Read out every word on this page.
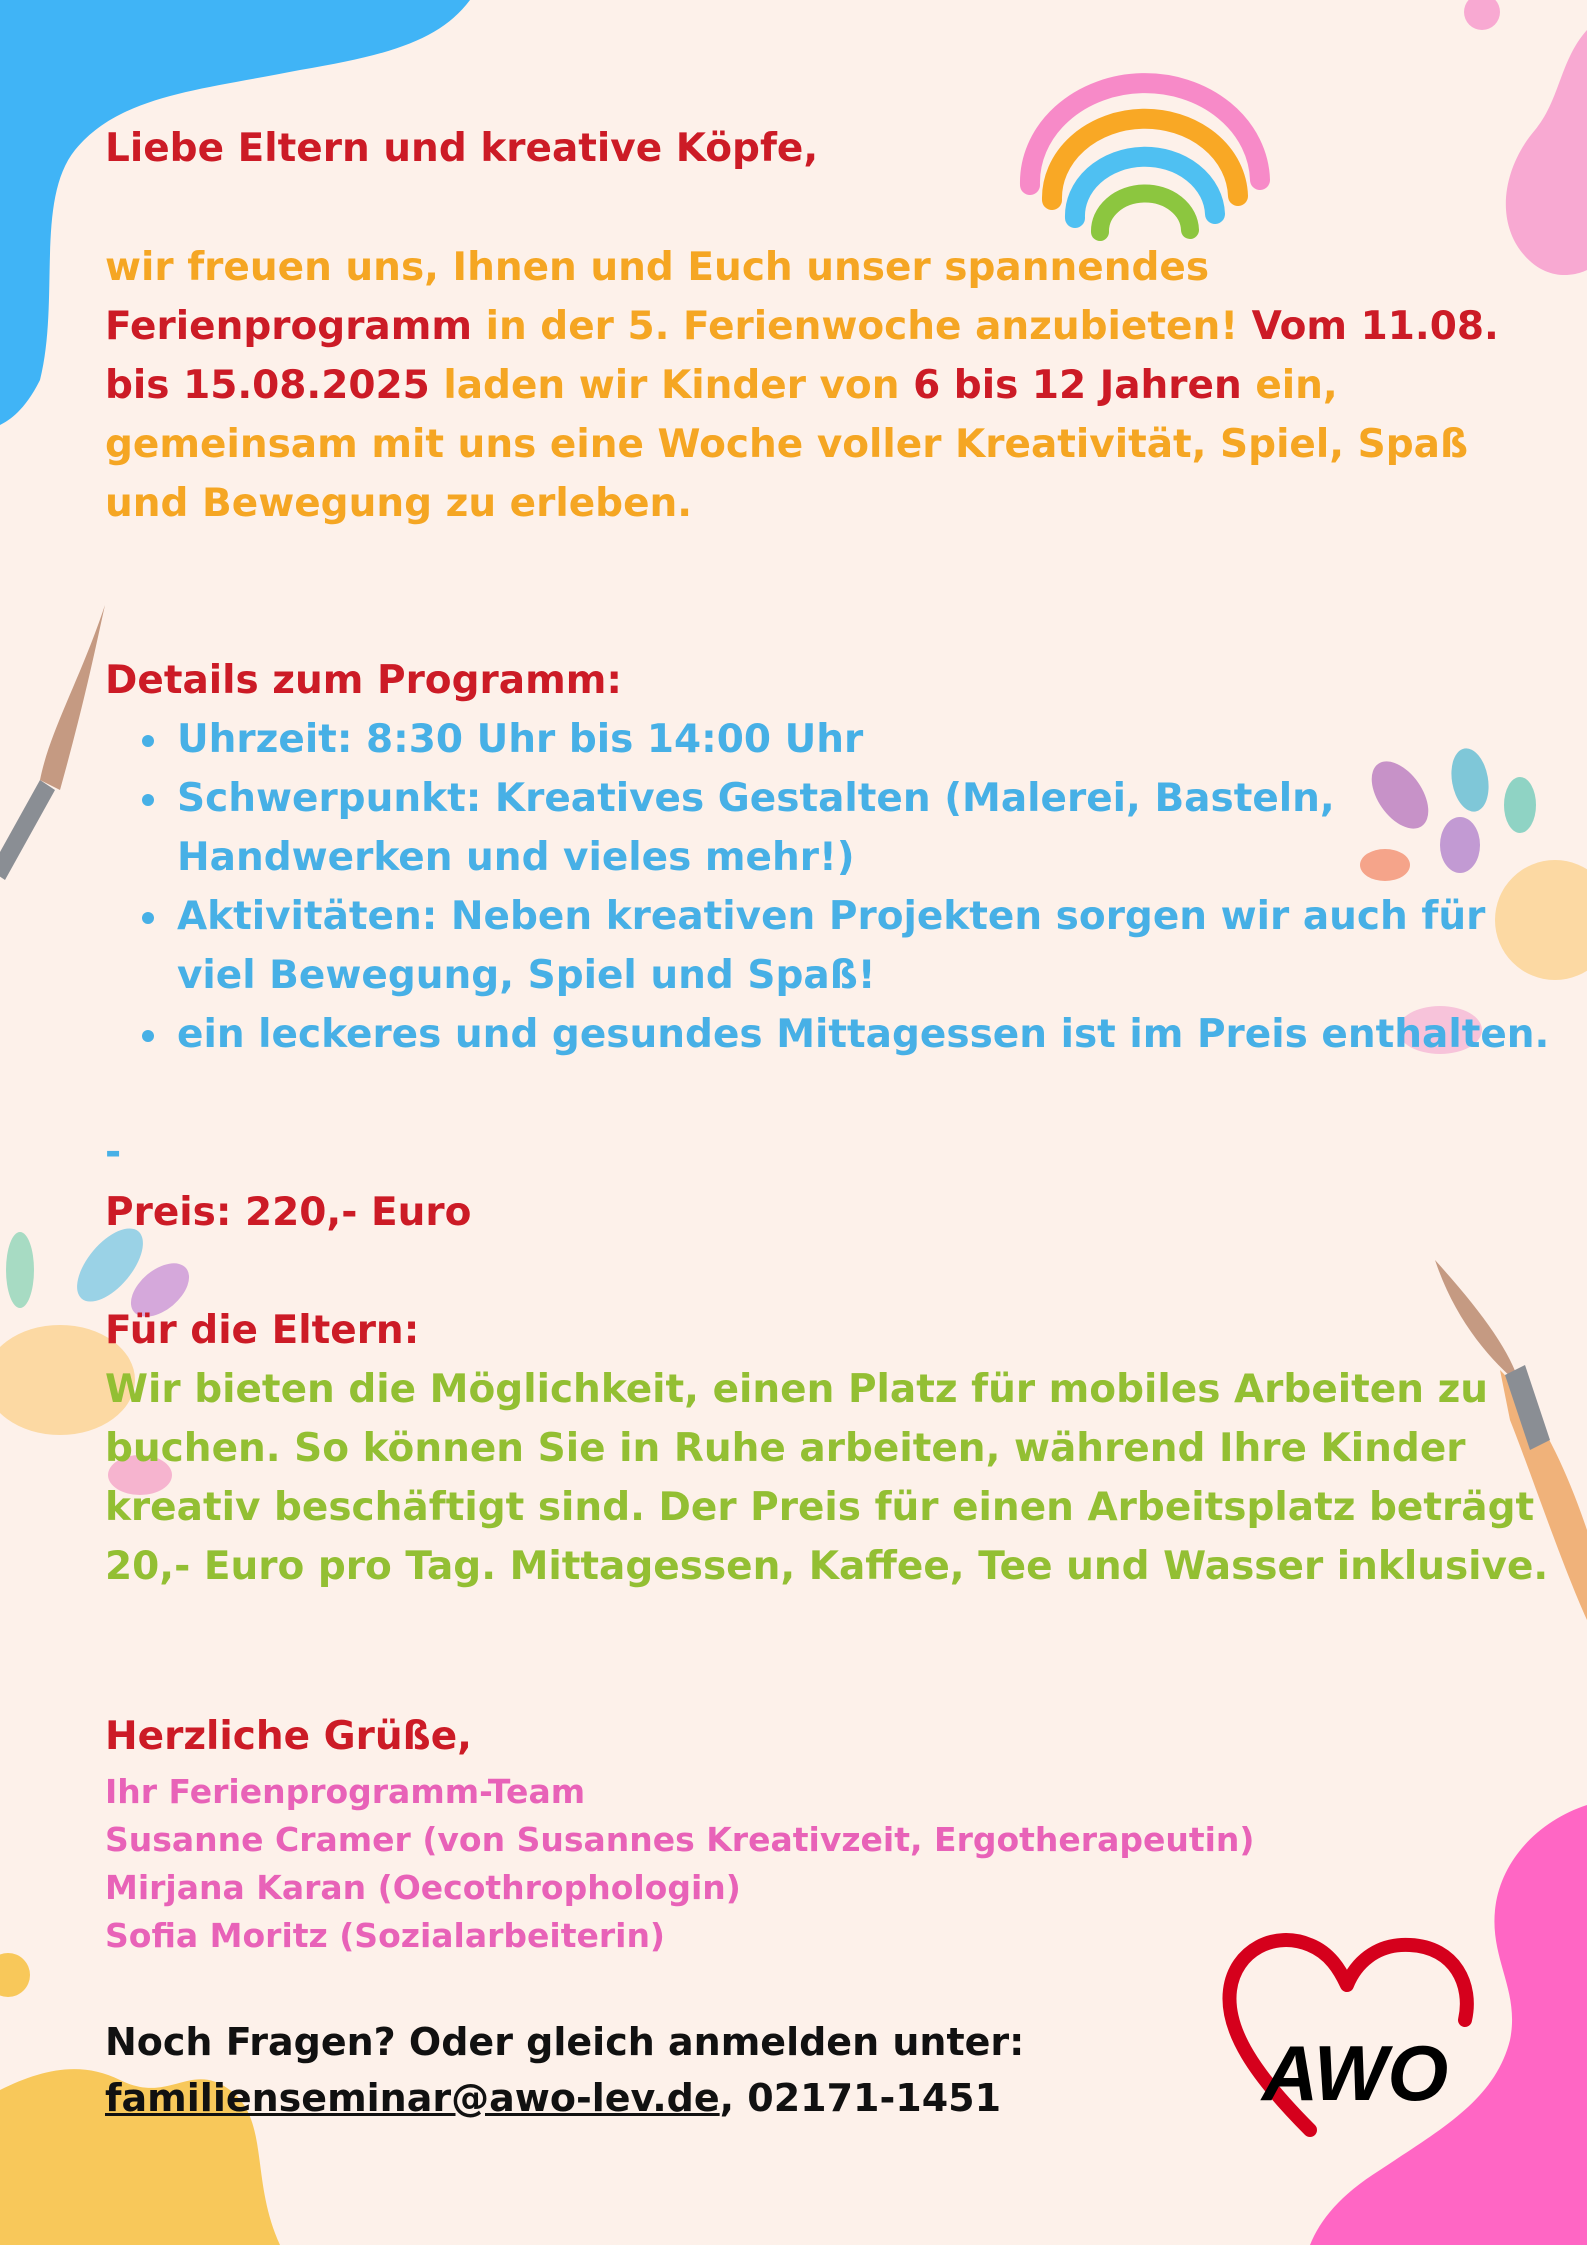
Liebe Eltern und kreative Köpfe,
wir freuen uns, Ihnen und Euch unser spannendes
Ferienprogramm in der 5. Ferienwoche anzubieten! Vom 11.08. bis 15.08.2025 laden wir Kinder von 6 bis 12 Jahren ein, gemeinsam mit uns eine Woche voller Kreativität, Spiel, Spaß und Bewegung zu erleben.
Details zum Programm:
Uhrzeit: 8:30 Uhr bis 14:00 Uhr
Schwerpunkt: Kreatives Gestalten (Malerei, Basteln, Handwerken und vieles mehr!)
Aktivitäten: Neben kreativen Projekten sorgen wir auch für viel Bewegung, Spiel und Spaß!
ein leckeres und gesundes Mittagessen ist im Preis enthalten.
-
Preis: 220,- Euro
Für die Eltern:
Wir bieten die Möglichkeit, einen Platz für mobiles Arbeiten zu buchen. So können Sie in Ruhe arbeiten, während Ihre Kinder kreativ beschäftigt sind. Der Preis für einen Arbeitsplatz beträgt 20,- Euro pro Tag. Mittagessen, Kaffee, Tee und Wasser inklusive.
Herzliche Grüße,
Ihr Ferienprogramm-Team
Susanne Cramer (von Susannes Kreativzeit, Ergotherapeutin)
Mirjana Karan (Oecothrophologin)
Sofia Moritz (Sozialarbeiterin)
Noch Fragen? Oder gleich anmelden unter:
familienseminar@awo-lev.de, 02171-1451	AWO
